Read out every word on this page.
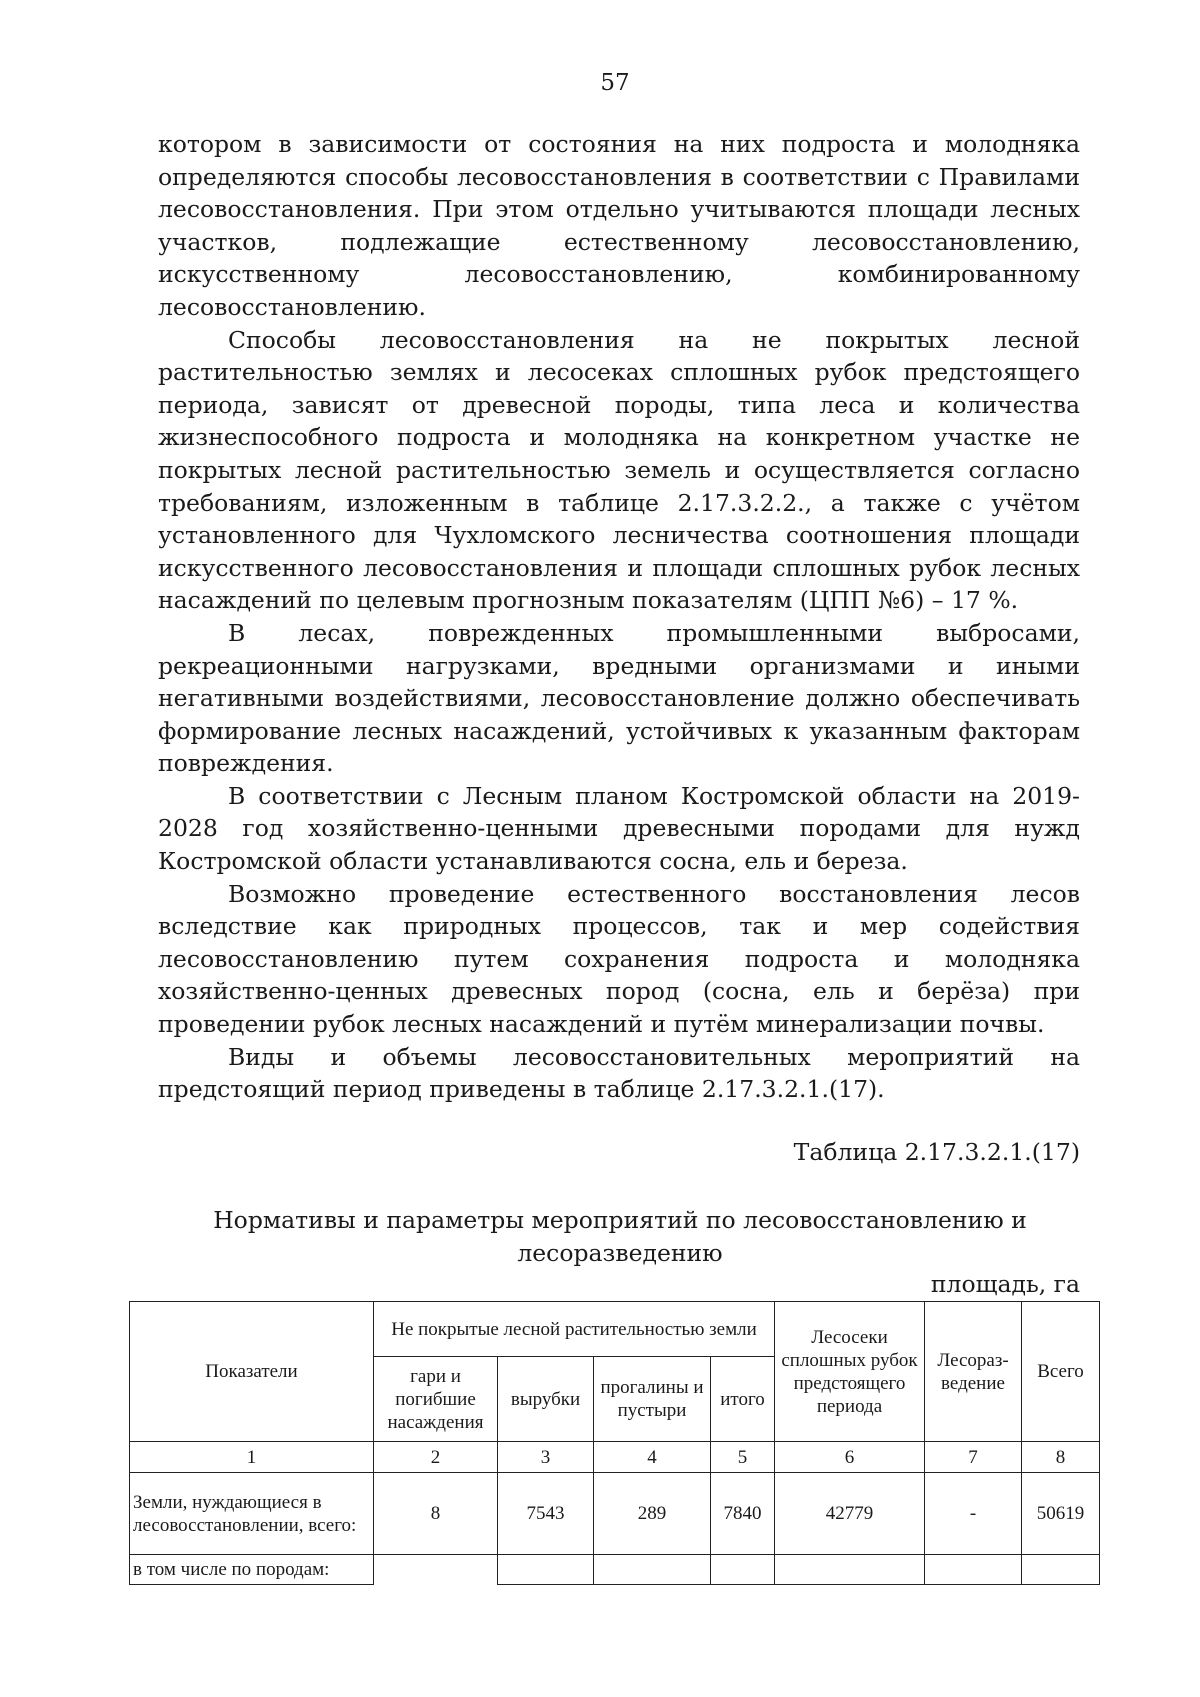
57

котором в зависимости от состояния на них подроста и молодняка определяются способы лесовосстановления в соответствии с Правилами лесовосстановления. При этом отдельно учитываются площади лесных участков, подлежащие естественному лесовосстановлению, искусственному лесовосстановлению, комбинированному лесовосстановлению.

Способы лесовосстановления на не покрытых лесной растительностью землях и лесосеках сплошных рубок предстоящего периода, зависят от древесной породы, типа леса и количества жизнеспособного подроста и молодняка на конкретном участке не покрытых лесной растительностью земель и осуществляется согласно требованиям, изложенным в таблице 2.17.3.2.2., а также с учётом установленного для Чухломского лесничества соотношения площади искусственного лесовосстановления и площади сплошных рубок лесных насаждений по целевым прогнозным показателям (ЦПП №6) – 17 %.

В лесах, поврежденных промышленными выбросами, рекреационными нагрузками, вредными организмами и иными негативными воздействиями, лесовосстановление должно обеспечивать формирование лесных насаждений, устойчивых к указанным факторам повреждения.

В соответствии с Лесным планом Костромской области на 2019-2028 год хозяйственно-ценными древесными породами для нужд Костромской области устанавливаются сосна, ель и береза.

Возможно проведение естественного восстановления лесов вследствие как природных процессов, так и мер содействия лесовосстановлению путем сохранения подроста и молодняка хозяйственно-ценных древесных пород (сосна, ель и берёза) при проведении рубок лесных насаждений и путём минерализации почвы.

Виды и объемы лесовосстановительных мероприятий на предстоящий период приведены в таблице 2.17.3.2.1.(17).

Таблица 2.17.3.2.1.(17)
Нормативы и параметры мероприятий по лесовосстановлению и лесоразведению
площадь, га
Показатели	Не покрытые лесной растительностью земли				Лесосеки сплошных рубок предстоящего периода	Лесораз-ведение	Всего
	гари и погибшие насаждения	вырубки	прогалины и пустыри	итого			
1	2	3	4	5	6	7	8
Земли, нуждающиеся в лесовосстановлении, всего:	8	7543	289	7840	42779	-	50619
в том числе по породам:							
